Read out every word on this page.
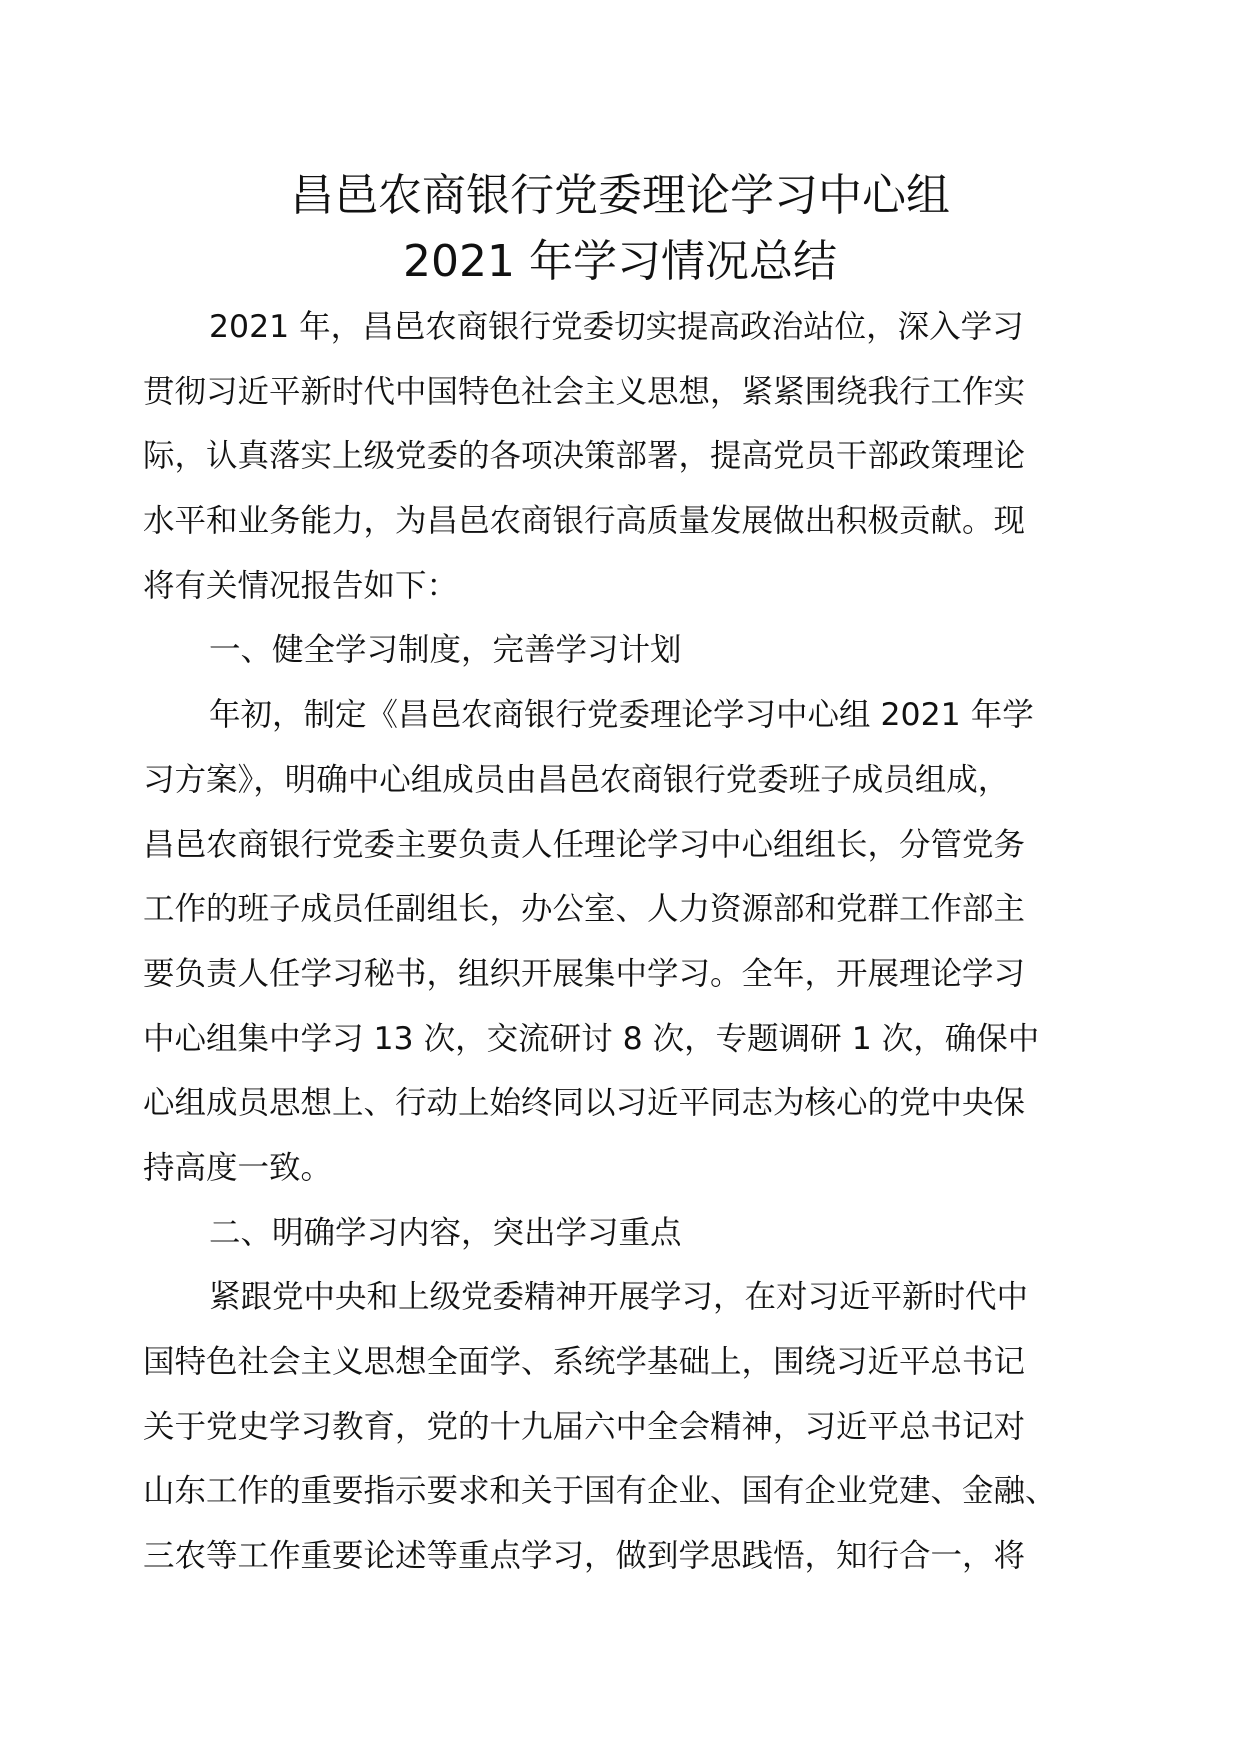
昌邑农商银行党委理论学习中心组
2021 年学习情况总结
2021 年，昌邑农商银行党委切实提高政治站位，深入学习
贯彻习近平新时代中国特色社会主义思想，紧紧围绕我行工作实
际，认真落实上级党委的各项决策部署，提高党员干部政策理论
水平和业务能力，为昌邑农商银行高质量发展做出积极贡献。现
将有关情况报告如下：
一、健全学习制度，完善学习计划
年初，制定《昌邑农商银行党委理论学习中心组 2021 年学
习方案》，明确中心组成员由昌邑农商银行党委班子成员组成，
昌邑农商银行党委主要负责人任理论学习中心组组长，分管党务
工作的班子成员任副组长，办公室、人力资源部和党群工作部主
要负责人任学习秘书，组织开展集中学习。全年，开展理论学习
中心组集中学习 13 次，交流研讨 8 次，专题调研 1 次，确保中
心组成员思想上、行动上始终同以习近平同志为核心的党中央保
持高度一致。
二、明确学习内容，突出学习重点
紧跟党中央和上级党委精神开展学习，在对习近平新时代中
国特色社会主义思想全面学、系统学基础上，围绕习近平总书记
关于党史学习教育，党的十九届六中全会精神，习近平总书记对
山东工作的重要指示要求和关于国有企业、国有企业党建、金融、
三农等工作重要论述等重点学习，做到学思践悟，知行合一，将
